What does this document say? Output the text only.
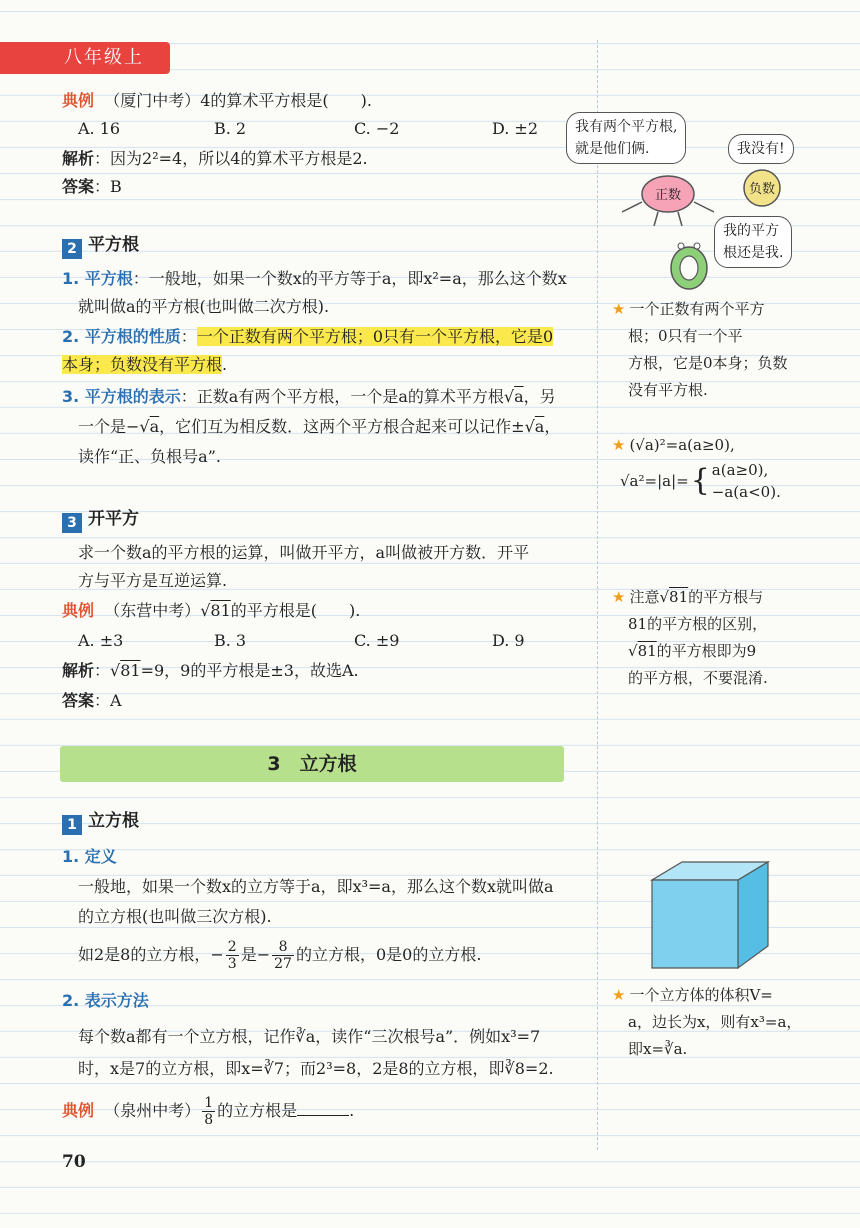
八年级上
典例 （厦门中考）4的算术平方根是(　　).
A. 16	B. 2	C. −2	D. ±2
解析：因为2²=4，所以4的算术平方根是2.
答案：B
2 平方根
1. 平方根：一般地，如果一个数x的平方等于a，即x²=a，那么这个数x
就叫做a的平方根(也叫做二次方根).
2. 平方根的性质：一个正数有两个平方根；0只有一个平方根，它是0
本身；负数没有平方根.
3. 平方根的表示：正数a有两个平方根，一个是a的算术平方根√a，另
一个是−√a，它们互为相反数．这两个平方根合起来可以记作±√a，
读作“正、负根号a”.
3 开平方
求一个数a的平方根的运算，叫做开平方，a叫做被开方数．开平
方与平方是互逆运算.
典例 （东营中考）√81的平方根是(　　).
A. ±3	B. 3	C. ±9	D. 9
解析：√81=9，9的平方根是±3，故选A.
答案：A
3　立方根
1 立方根
1. 定义
一般地，如果一个数x的立方等于a，即x³=a，那么这个数x就叫做a
的立方根(也叫做三次方根).
如2是8的立方根，− $\frac{2}{3}$ 是− $\frac{8}{27}$ 的立方根，0是0的立方根.
2. 表示方法
每个数a都有一个立方根，记作∛a，读作“三次根号a”．例如x³=7
时，x是7的立方根，即x=∛7；而2³=8，2是8的立方根，即∛8=2.
典例 （泉州中考） $\frac{1}{8}$ 的立方根是	.
70
我有两个平方根,
就是他们俩.	我没有!
我的平方
根还是我.
正数	负数
★ 一个正数有两个平方
根；0只有一个平
方根，它是0本身；负数
没有平方根.
★ (√a)²=a(a≥0),
√a²=|a|= { a(a≥0),
−a(a<0).
★ 注意√81的平方根与
81的平方根的区别，
√81的平方根即为9
的平方根，不要混淆.
★ 一个立方体的体积V=
a，边长为x，则有x³=a，
即x=∛a.
